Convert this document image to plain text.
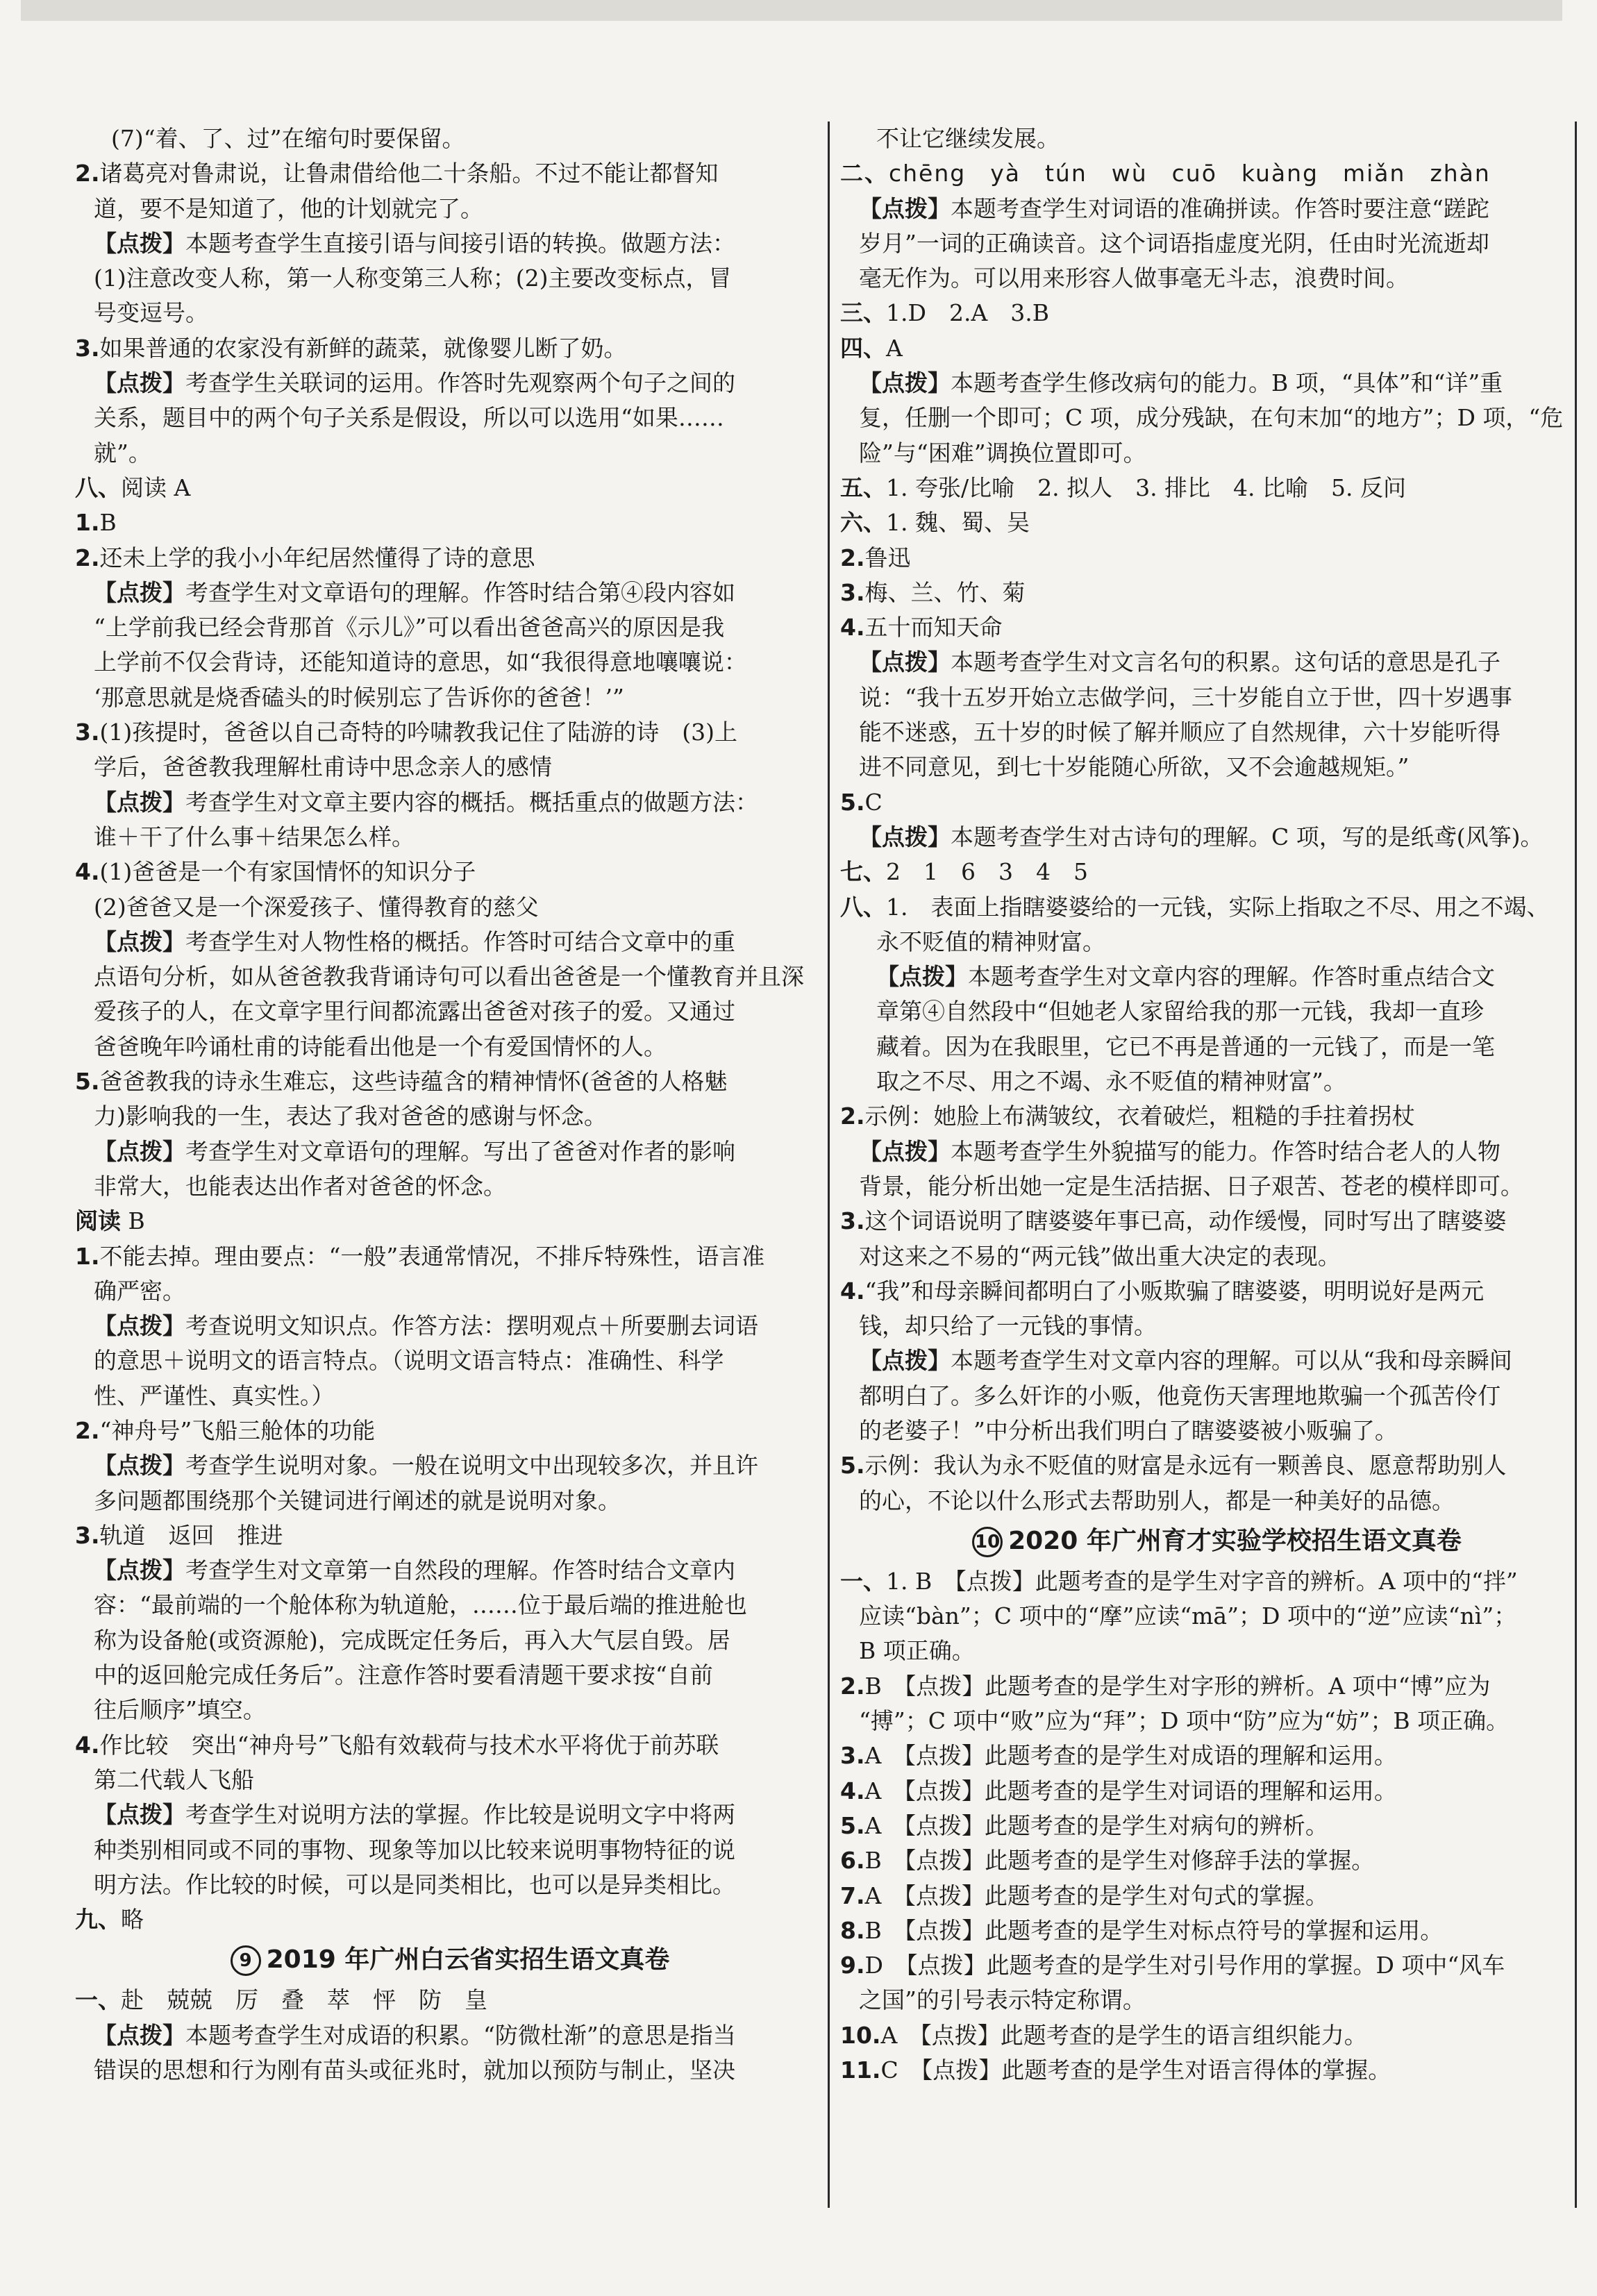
(7)“着、了、过”在缩句时要保留。
2.诸葛亮对鲁肃说，让鲁肃借给他二十条船。不过不能让都督知
道，要不是知道了，他的计划就完了。
【点拨】本题考查学生直接引语与间接引语的转换。做题方法：
(1)注意改变人称，第一人称变第三人称；(2)主要改变标点，冒
号变逗号。
3.如果普通的农家没有新鲜的蔬菜，就像婴儿断了奶。
【点拨】考查学生关联词的运用。作答时先观察两个句子之间的
关系，题目中的两个句子关系是假设，所以可以选用“如果……
就”。
八、阅读 A
1.B
2.还未上学的我小小年纪居然懂得了诗的意思
【点拨】考查学生对文章语句的理解。作答时结合第④段内容如
“上学前我已经会背那首《示儿》”可以看出爸爸高兴的原因是我
上学前不仅会背诗，还能知道诗的意思，如“我很得意地嚷嚷说：
‘那意思就是烧香磕头的时候别忘了告诉你的爸爸！’”
3.(1)孩提时，爸爸以自己奇特的吟啸教我记住了陆游的诗　(3)上
学后，爸爸教我理解杜甫诗中思念亲人的感情
【点拨】考查学生对文章主要内容的概括。概括重点的做题方法：
谁＋干了什么事＋结果怎么样。
4.(1)爸爸是一个有家国情怀的知识分子
(2)爸爸又是一个深爱孩子、懂得教育的慈父
【点拨】考查学生对人物性格的概括。作答时可结合文章中的重
点语句分析，如从爸爸教我背诵诗句可以看出爸爸是一个懂教育并且深
爱孩子的人，在文章字里行间都流露出爸爸对孩子的爱。又通过
爸爸晚年吟诵杜甫的诗能看出他是一个有爱国情怀的人。
5.爸爸教我的诗永生难忘，这些诗蕴含的精神情怀(爸爸的人格魅
力)影响我的一生，表达了我对爸爸的感谢与怀念。
【点拨】考查学生对文章语句的理解。写出了爸爸对作者的影响
非常大，也能表达出作者对爸爸的怀念。
阅读 B
1.不能去掉。理由要点：“一般”表通常情况，不排斥特殊性，语言准
确严密。
【点拨】考查说明文知识点。作答方法：摆明观点＋所要删去词语
的意思＋说明文的语言特点。（说明文语言特点：准确性、科学
性、严谨性、真实性。）
2.“神舟号”飞船三舱体的功能
【点拨】考查学生说明对象。一般在说明文中出现较多次，并且许
多问题都围绕那个关键词进行阐述的就是说明对象。
3.轨道　返回　推进
【点拨】考查学生对文章第一自然段的理解。作答时结合文章内
容：“最前端的一个舱体称为轨道舱，……位于最后端的推进舱也
称为设备舱(或资源舱)，完成既定任务后，再入大气层自毁。居
中的返回舱完成任务后”。注意作答时要看清题干要求按“自前
往后顺序”填空。
4.作比较　突出“神舟号”飞船有效载荷与技术水平将优于前苏联
第二代载人飞船
【点拨】考查学生对说明方法的掌握。作比较是说明文字中将两
种类别相同或不同的事物、现象等加以比较来说明事物特征的说
明方法。作比较的时候，可以是同类相比，也可以是异类相比。
九、略
9 2019 年广州白云省实招生语文真卷
一、赴　兢兢　厉　叠　萃　怦　防　皇
【点拨】本题考查学生对成语的积累。“防微杜渐”的意思是指当
错误的思想和行为刚有苗头或征兆时，就加以预防与制止，坚决
不让它继续发展。
二、chēng　yà　tún　wù　cuō　kuàng　miǎn　zhàn
【点拨】本题考查学生对词语的准确拼读。作答时要注意“蹉跎
岁月”一词的正确读音。这个词语指虚度光阴，任由时光流逝却
毫无作为。可以用来形容人做事毫无斗志，浪费时间。
三、1.D　2.A　3.B
四、A
【点拨】本题考查学生修改病句的能力。B 项，“具体”和“详”重
复，任删一个即可；C 项，成分残缺，在句末加“的地方”；D 项，“危
险”与“困难”调换位置即可。
五、1. 夸张/比喻　2. 拟人　3. 排比　4. 比喻　5. 反问
六、1. 魏、蜀、吴
2.鲁迅
3.梅、兰、竹、菊
4.五十而知天命
【点拨】本题考查学生对文言名句的积累。这句话的意思是孔子
说：“我十五岁开始立志做学问，三十岁能自立于世，四十岁遇事
能不迷惑，五十岁的时候了解并顺应了自然规律，六十岁能听得
进不同意见，到七十岁能随心所欲，又不会逾越规矩。”
5.C
【点拨】本题考查学生对古诗句的理解。C 项，写的是纸鸢(风筝)。
七、2　1　6　3　4　5
八、1.　表面上指瞎婆婆给的一元钱，实际上指取之不尽、用之不竭、
永不贬值的精神财富。
【点拨】本题考查学生对文章内容的理解。作答时重点结合文
章第④自然段中“但她老人家留给我的那一元钱，我却一直珍
藏着。因为在我眼里，它已不再是普通的一元钱了，而是一笔
取之不尽、用之不竭、永不贬值的精神财富”。
2.示例：她脸上布满皱纹，衣着破烂，粗糙的手拄着拐杖
【点拨】本题考查学生外貌描写的能力。作答时结合老人的人物
背景，能分析出她一定是生活拮据、日子艰苦、苍老的模样即可。
3.这个词语说明了瞎婆婆年事已高，动作缓慢，同时写出了瞎婆婆
对这来之不易的“两元钱”做出重大决定的表现。
4.“我”和母亲瞬间都明白了小贩欺骗了瞎婆婆，明明说好是两元
钱，却只给了一元钱的事情。
【点拨】本题考查学生对文章内容的理解。可以从“我和母亲瞬间
都明白了。多么奸诈的小贩，他竟伤天害理地欺骗一个孤苦伶仃
的老婆子！”中分析出我们明白了瞎婆婆被小贩骗了。
5.示例：我认为永不贬值的财富是永远有一颗善良、愿意帮助别人
的心，不论以什么形式去帮助别人，都是一种美好的品德。
10 2020 年广州育才实验学校招生语文真卷
一、1. B　【点拨】此题考查的是学生对字音的辨析。A 项中的“拌”
应读“bàn”；C 项中的“摩”应读“mā”；D 项中的“逆”应读“nì”；
B 项正确。
2.B　【点拨】此题考查的是学生对字形的辨析。A 项中“博”应为
“搏”；C 项中“败”应为“拜”；D 项中“防”应为“妨”；B 项正确。
3.A　【点拨】此题考查的是学生对成语的理解和运用。
4.A　【点拨】此题考查的是学生对词语的理解和运用。
5.A　【点拨】此题考查的是学生对病句的辨析。
6.B　【点拨】此题考查的是学生对修辞手法的掌握。
7.A　【点拨】此题考查的是学生对句式的掌握。
8.B　【点拨】此题考查的是学生对标点符号的掌握和运用。
9.D　【点拨】此题考查的是学生对引号作用的掌握。D 项中“风车
之国”的引号表示特定称谓。
10.A　【点拨】此题考查的是学生的语言组织能力。
11.C　【点拨】此题考查的是学生对语言得体的掌握。
